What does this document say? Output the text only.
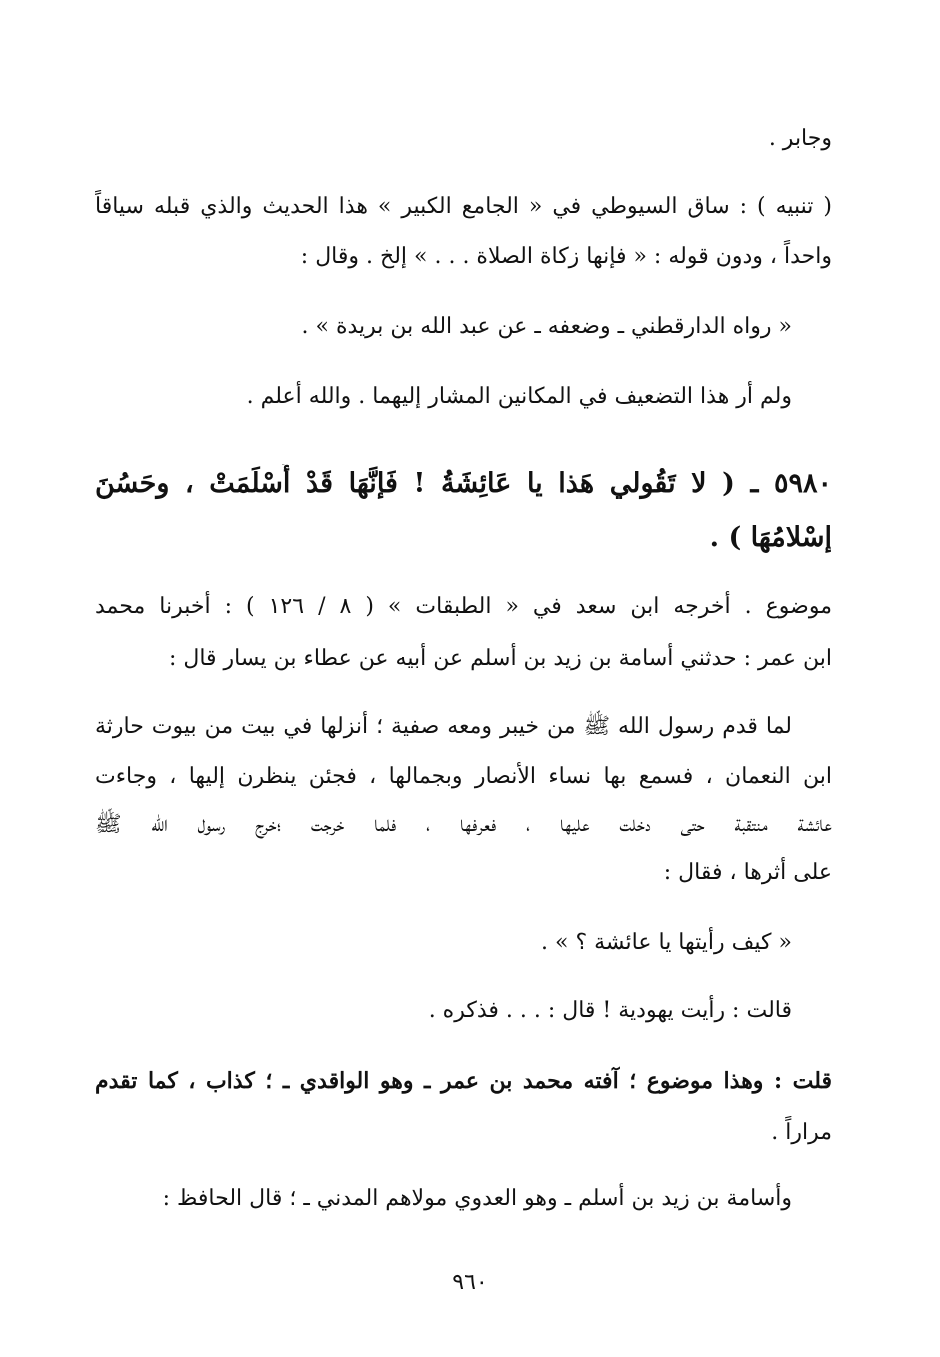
وجابر .
( تنبيه ) : ساق السيوطي في « الجامع الكبير » هذا الحديث والذي قبله سياقاً
واحداً ، ودون قوله : « فإنها زكاة الصلاة . . . » إلخ . وقال :
« رواه الدارقطني ـ وضعفه ـ عن عبد الله بن بريدة » .
ولم أر هذا التضعيف في المكانين المشار إليهما . والله أعلم .
٥٩٨٠ ـ ( لا تَقُولي هَذا يا عَائِشَةُ ! فَإنَّهَا قَدْ أَسْلَمَتْ ، وحَسُنَ
إسْلامُهَا ) .
موضوع . أخرجه ابن سعد في « الطبقات » ( ٨ / ١٢٦ ) : أخبرنا محمد
ابن عمر : حدثني أسامة بن زيد بن أسلم عن أبيه عن عطاء بن يسار قال :
لما قدم رسول الله ﷺ من خيبر ومعه صفية ؛ أنزلها في بيت من بيوت حارثة
ابن النعمان ، فسمع بها نساء الأنصار وبجمالها ، فجئن ينظرن إليها ، وجاءت
عائشة منتقبة حتى دخلت عليها ، فعرفها ، فلما خرجت ؛خرج رسول الله ﷺ
على أثرها ، فقال :
« كيف رأيتها يا عائشة ؟ » .
قالت : رأيت يهودية ! قال : . . . فذكره .
قلت : وهذا موضوع ؛ آفته محمد بن عمر ـ وهو الواقدي ـ ؛ كذاب ، كما تقدم
مراراً .
وأسامة بن زيد بن أسلم ـ وهو العدوي مولاهم المدني ـ ؛ قال الحافظ :
٩٦٠
